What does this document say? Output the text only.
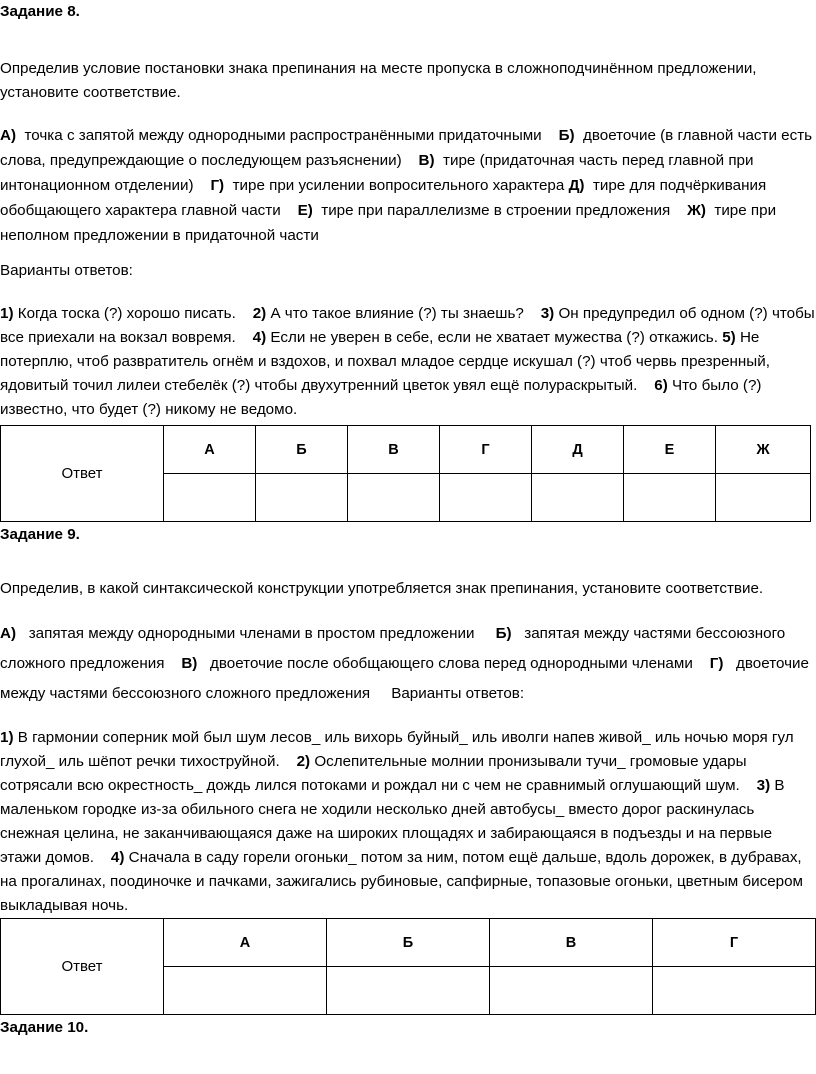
Задание 8.

Определив условие постановки знака препинания на месте пропуска в сложноподчинённом предложении, установите соответствие.

А) точка с запятой между однородными распространёнными придаточными Б) двоеточие (в главной части есть слова, предупреждающие о последующем разъяснении) В) тире (придаточная часть перед главной при интонационном отделении) Г) тире при усилении вопросительного характера Д) тире для подчёркивания обобщающего характера главной части Е) тире при параллелизме в строении предложения Ж) тире при неполном предложении в придаточной части

Варианты ответов:

1) Когда тоска (?) хорошо писать. 2) А что такое влияние (?) ты знаешь? 3) Он предупредил об одном (?) чтобы все приехали на вокзал вовремя. 4) Если не уверен в себе, если не хватает мужества (?) откажись. 5) Не потерплю, чтоб развратитель огнём и вздохов, и похвал младое сердце искушал (?) чтоб червь презренный, ядовитый точил лилеи стебелёк (?) чтобы двухутренний цветок увял ещё полураскрытый. 6) Что было (?) известно, что будет (?) никому не ведомо.

Ответ	А	Б	В	Г	Д	Е	Ж

Задание 9.

Определив, в какой синтаксической конструкции употребляется знак препинания, установите соответствие.

А) запятая между однородными членами в простом предложении Б) запятая между частями бессоюзного сложного предложения В) двоеточие после обобщающего слова перед однородными членами Г) двоеточие между частями бессоюзного сложного предложения Варианты ответов:

1) В гармонии соперник мой был шум лесов_ иль вихорь буйный_ иль иволги напев живой_ иль ночью моря гул глухой_ иль шёпот речки тихоструйной. 2) Ослепительные молнии пронизывали тучи_ громовые удары сотрясали всю окрестность_ дождь лился потоками и рождал ни с чем не сравнимый оглушающий шум. 3) В маленьком городке из-за обильного снега не ходили несколько дней автобусы_ вместо дорог раскинулась снежная целина, не заканчивающаяся даже на широких площадях и забирающаяся в подъезды и на первые этажи домов. 4) Сначала в саду горели огоньки_ потом за ним, потом ещё дальше, вдоль дорожек, в дубравах, на прогалинах, поодиночке и пачками, зажигались рубиновые, сапфирные, топазовые огоньки, цветным бисером выкладывая ночь.

Ответ	А	Б	В	Г

Задание 10.
